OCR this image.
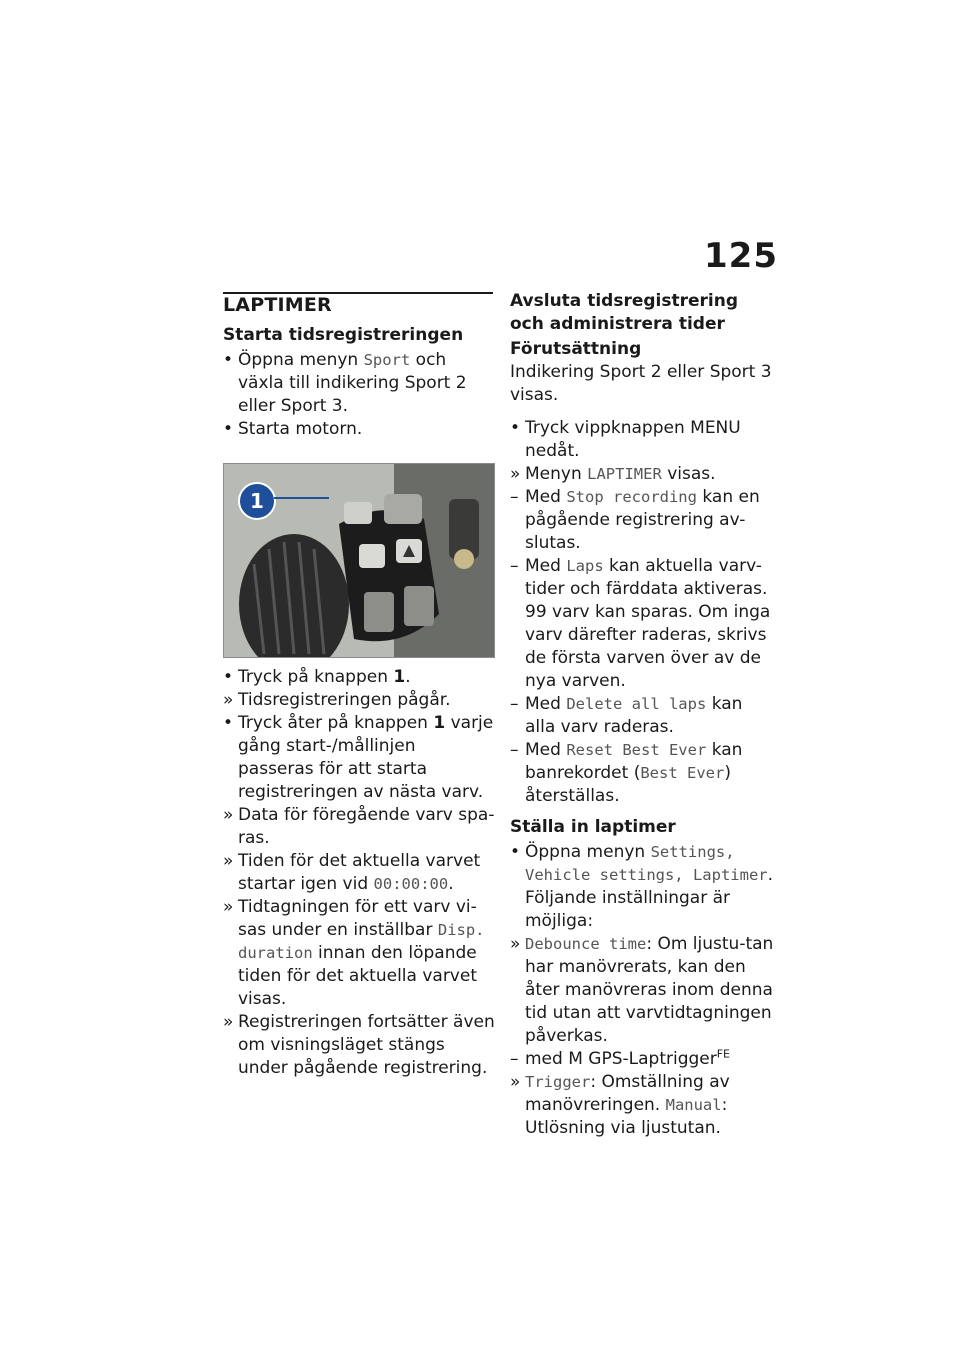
125
LAPTIMER
Starta tidsregistreringen
• Öppna menyn Sport och växla till indikering Sport 2 eller Sport 3.
• Starta motorn.
1
• Tryck på knappen 1.
» Tidsregistreringen pågår.
• Tryck åter på knappen 1 varje gång start-/mållinjen passeras för att starta registreringen av nästa varv.
» Data för föregående varv spa-ras.
» Tiden för det aktuella varvet startar igen vid 00:00:00.
» Tidtagningen för ett varv vi-sas under en inställbar Disp. duration innan den löpande tiden för det aktuella varvet visas.
» Registreringen fortsätter även om visningsläget stängs under pågående registrering.
Avsluta tidsregistrering och administrera tider
Förutsättning

Indikering Sport 2 eller Sport 3 visas.

• Tryck vippknappen MENU nedåt.
» Menyn LAPTIMER visas.
– Med Stop recording kan en pågående registrering av-slutas.
– Med Laps kan aktuella varv-tider och färddata aktiveras. 99 varv kan sparas. Om inga varv därefter raderas, skrivs de första varven över av de nya varven.
– Med Delete all laps kan alla varv raderas.
– Med Reset Best Ever kan banrekordet (Best Ever) återställas.
Ställa in laptimer
• Öppna menyn Settings, Vehicle settings, Laptimer. Följande inställningar är möjliga:
» Debounce time: Om ljustu-tan har manövrerats, kan den åter manövreras inom denna tid utan att varvtidtagningen påverkas.
– med M GPS-Laptrigger$^{FE}$
» Trigger: Omställning av manövreringen. Manual: Utlösning via ljustutan.
